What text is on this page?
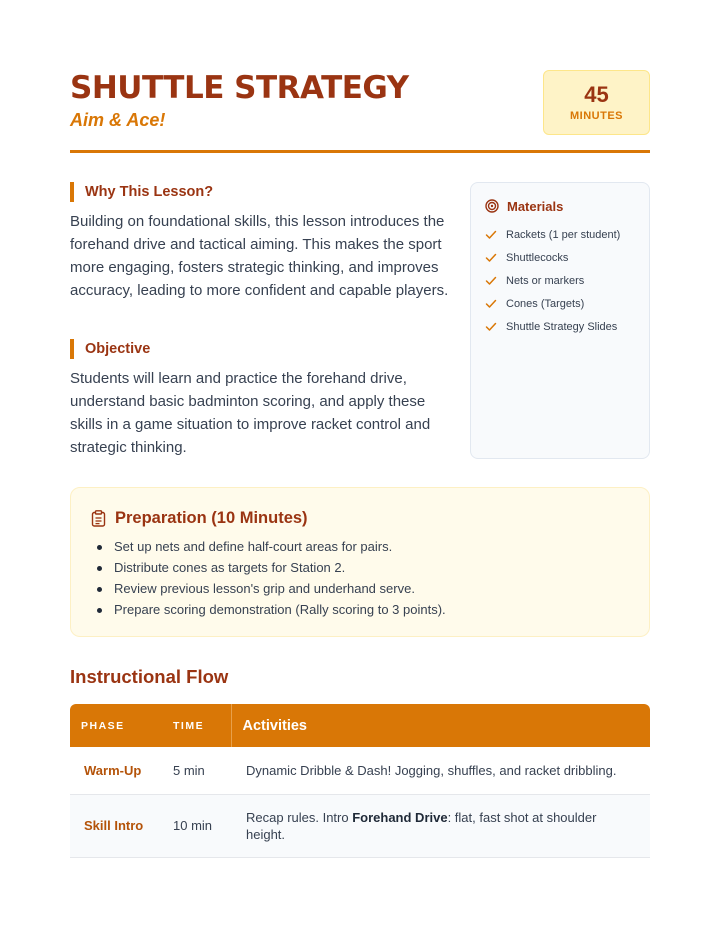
SHUTTLE STRATEGY
Aim & Ace!
45
MINUTES
Why This Lesson?

Building on foundational skills, this lesson introduces the forehand drive and tactical aiming. This makes the sport more engaging, fosters strategic thinking, and improves accuracy, leading to more confident and capable players.

Objective

Students will learn and practice the forehand drive, understand basic badminton scoring, and apply these skills in a game situation to improve racket control and strategic thinking.

Materials
Rackets (1 per student)
Shuttlecocks
Nets or markers
Cones (Targets)
Shuttle Strategy Slides
Preparation (10 Minutes)
Set up nets and define half-court areas for pairs.
Distribute cones as targets for Station 2.
Review previous lesson's grip and underhand serve.
Prepare scoring demonstration (Rally scoring to 3 points).
Instructional Flow
PHASE	TIME	Activities
Warm-Up	5 min	Dynamic Dribble & Dash! Jogging, shuffles, and racket dribbling.
Skill Intro	10 min	Recap rules. Intro Forehand Drive: flat, fast shot at shoulder height.
